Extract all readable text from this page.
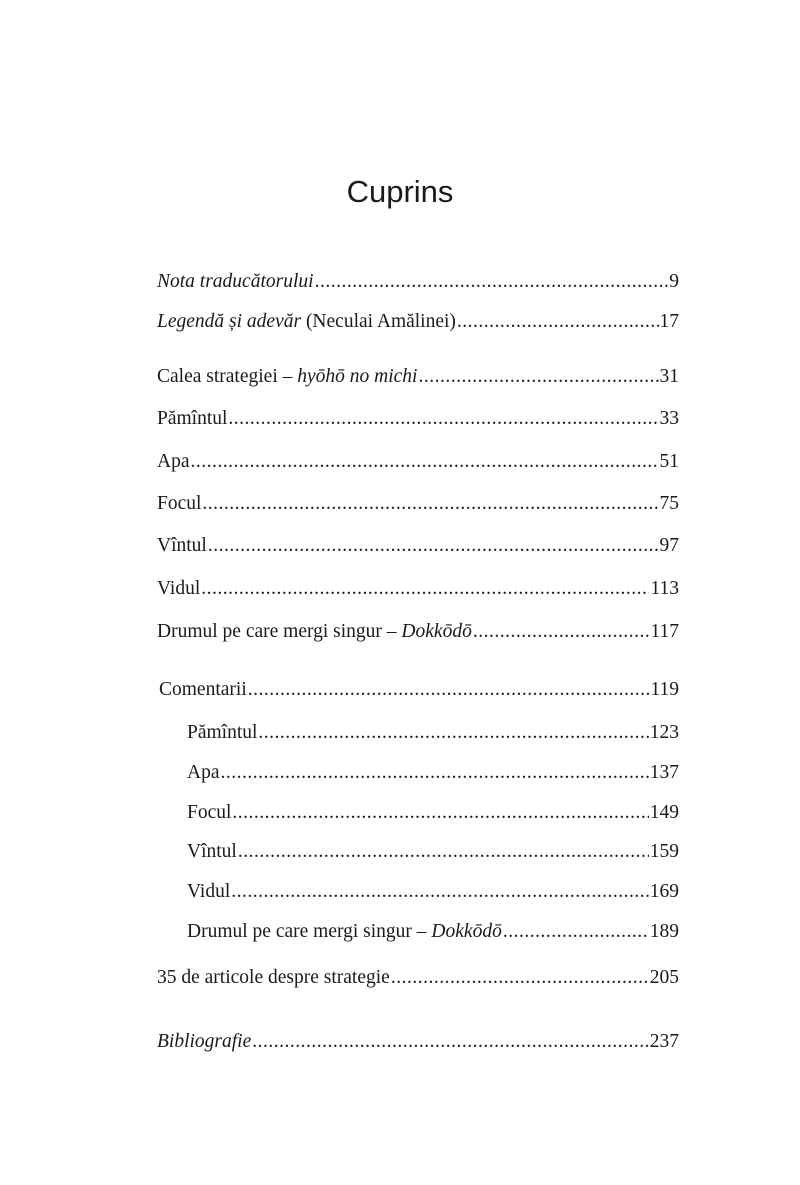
Cuprins
Nota traducătorului .....	9
Legendă și adevăr (Neculai Amălinei) .....	17
Calea strategiei – hyōhō no michi .....	31
Pămîntul .....	33
Apa .....	51
Focul .....	75
Vîntul .....	97
Vidul .....	113
Drumul pe care mergi singur – Dokkōdō .....	117
Comentarii .....	119
Pămîntul .....	123
Apa .....	137
Focul .....	149
Vîntul .....	159
Vidul .....	169
Drumul pe care mergi singur – Dokkōdō .....	189
35 de articole despre strategie .....	205
Bibliografie .....	237
